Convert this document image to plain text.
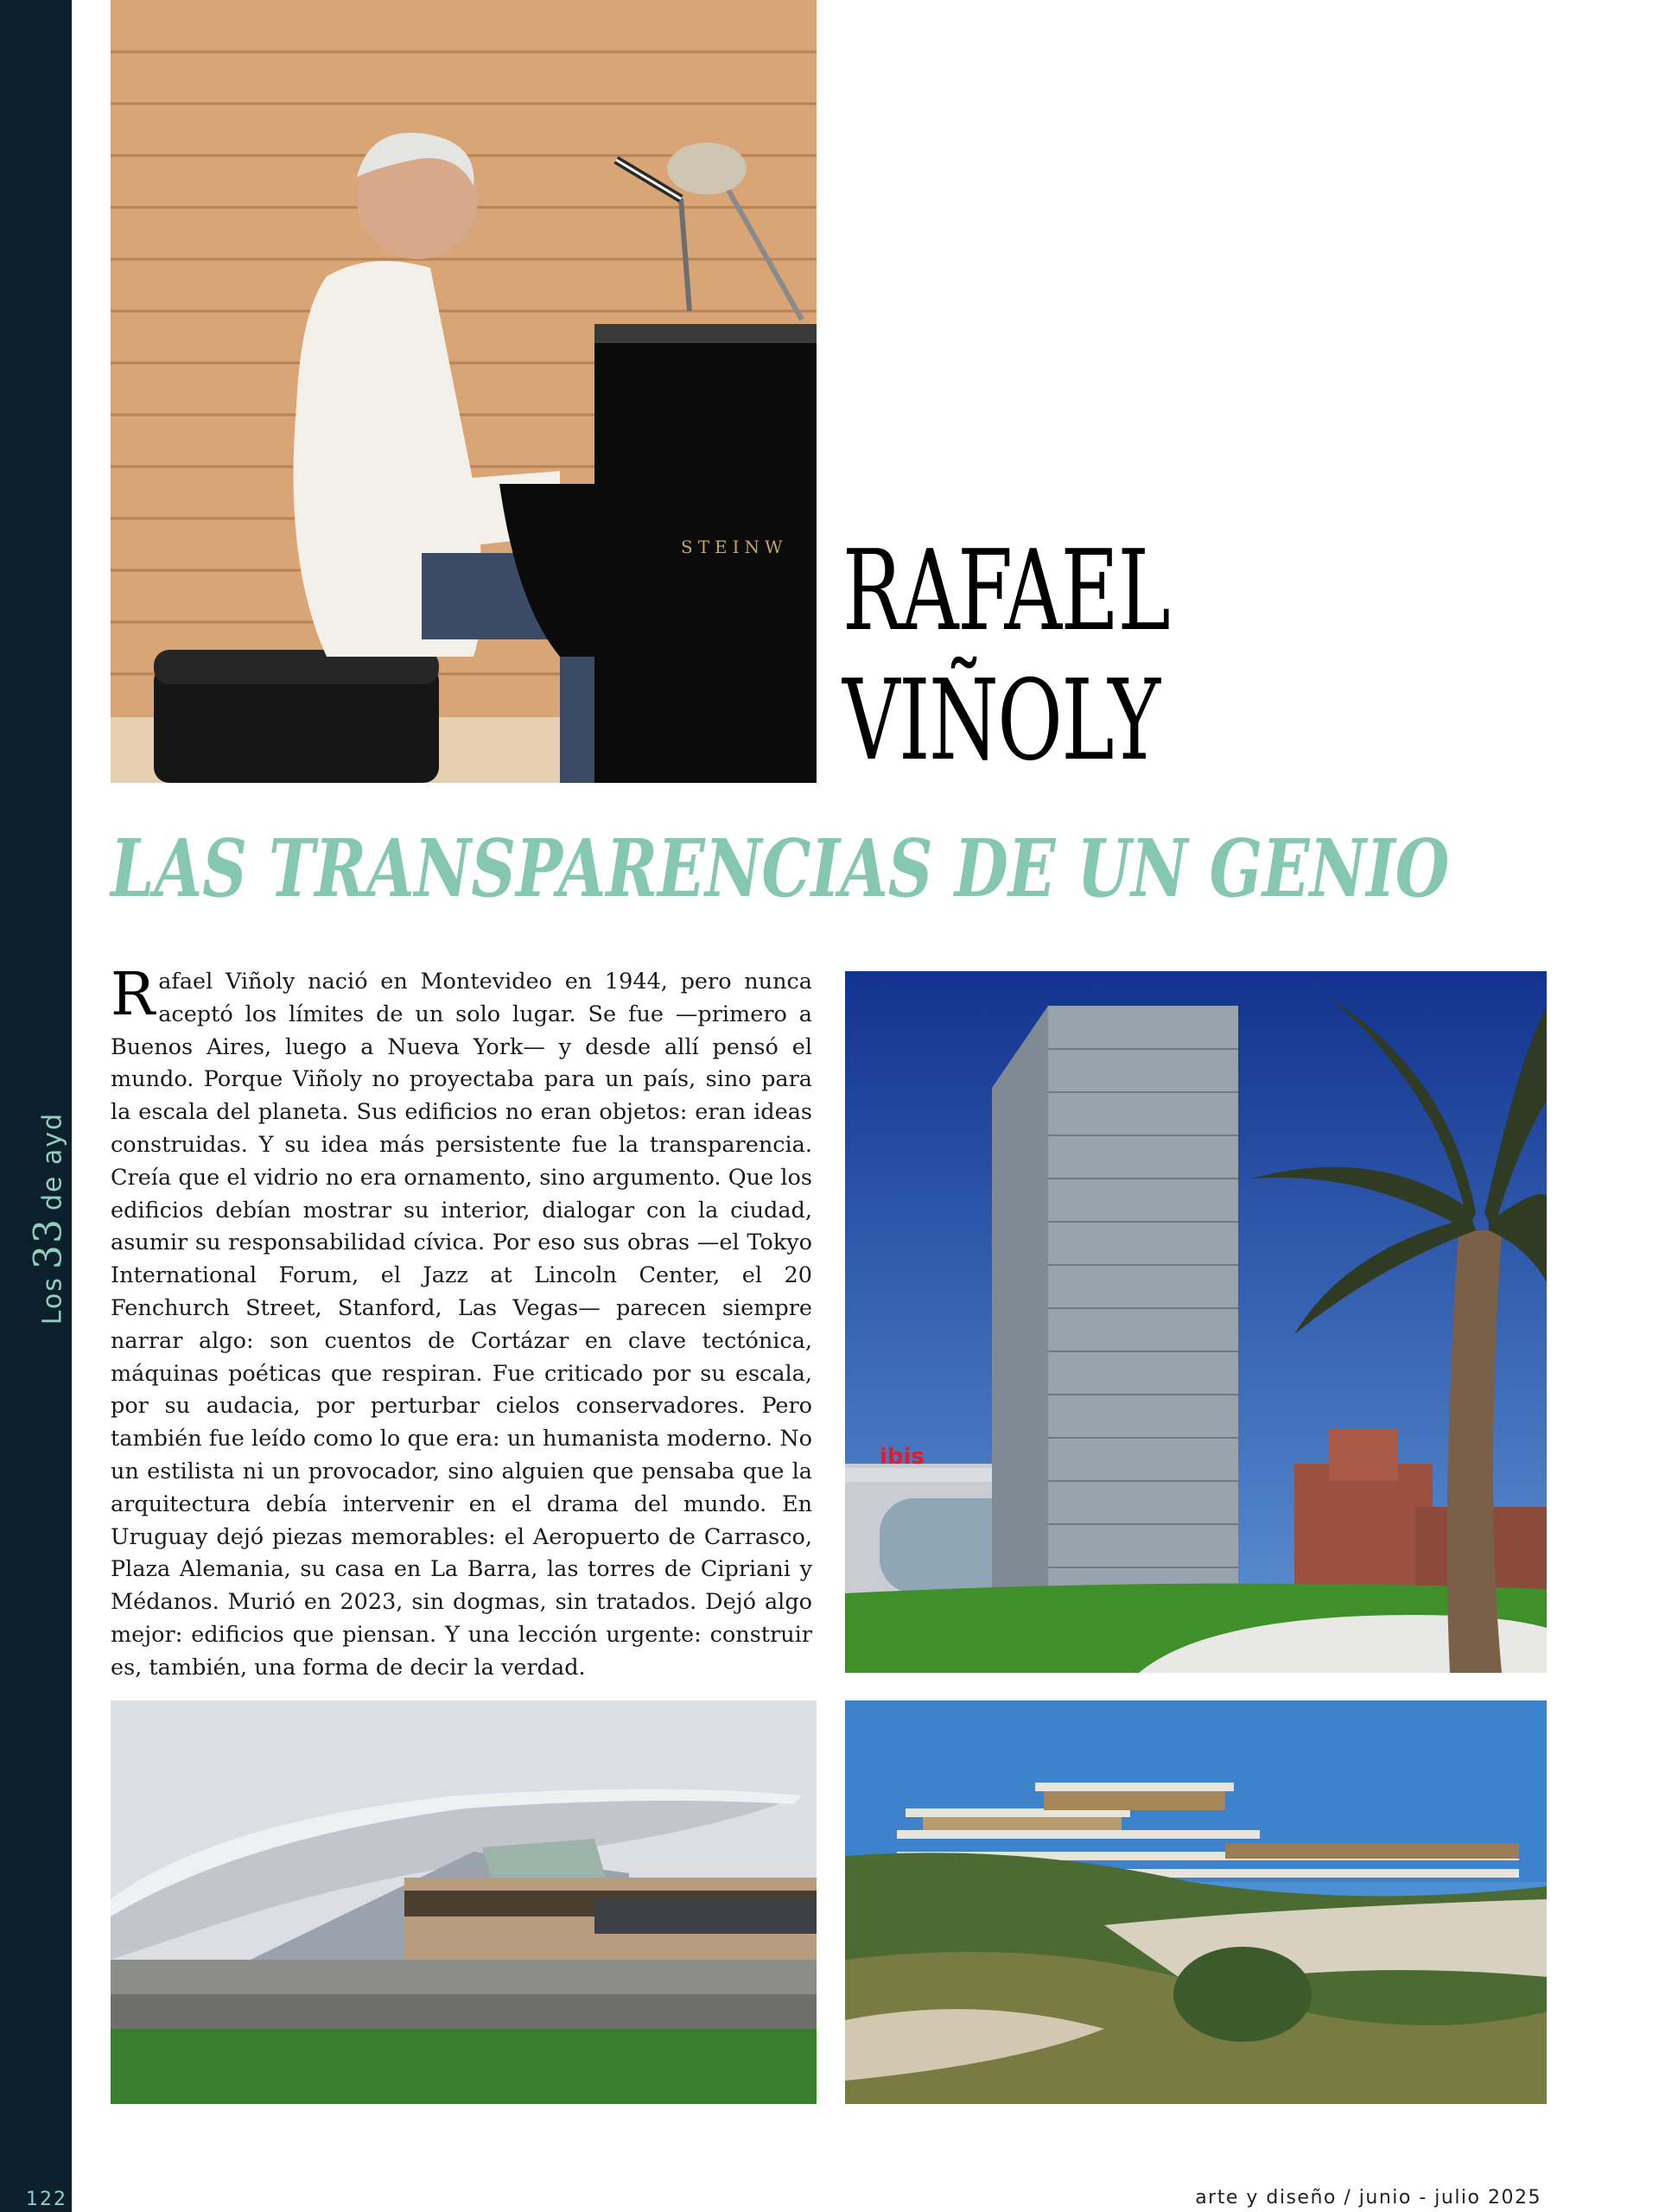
Los33de ayd
122
STEINW RAFAEL
VIÑOLY
LAS TRANSPARENCIAS DE UN GENIO

Rafael Viñoly nació en Montevideo en 1944, pero nunca aceptó los límites de un solo lugar. Se fue —primero a Buenos Aires, luego a Nueva York— y desde allí pensó el mundo. Porque Viñoly no proyectaba para un país, sino para la escala del planeta. Sus edificios no eran objetos: eran ideas construidas. Y su idea más persistente fue la transparencia. Creía que el vidrio no era ornamento, sino argumento. Que los edificios debían mostrar su interior, dialogar con la ciudad, asumir su responsabilidad cívica. Por eso sus obras —el Tokyo International Forum, el Jazz at Lincoln Center, el 20 Fenchurch Street, Stanford, Las Vegas— parecen siempre narrar algo: son cuentos de Cortázar en clave tectónica, máquinas poéticas que respiran. Fue criticado por su escala, por su audacia, por perturbar cielos conservadores. Pero también fue leído como lo que era: un humanista moderno. No un estilista ni un provocador, sino alguien que pensaba que la arquitectura debía intervenir en el drama del mundo. En Uruguay dejó piezas memorables: el Aeropuerto de Carrasco, Plaza Alemania, su casa en La Barra, las torres de Cipriani y Médanos. Murió en 2023, sin dogmas, sin tratados. Dejó algo mejor: edificios que piensan. Y una lección urgente: construir es, también, una forma de decir la verdad.

ibis
arte y diseño / junio - julio 2025
